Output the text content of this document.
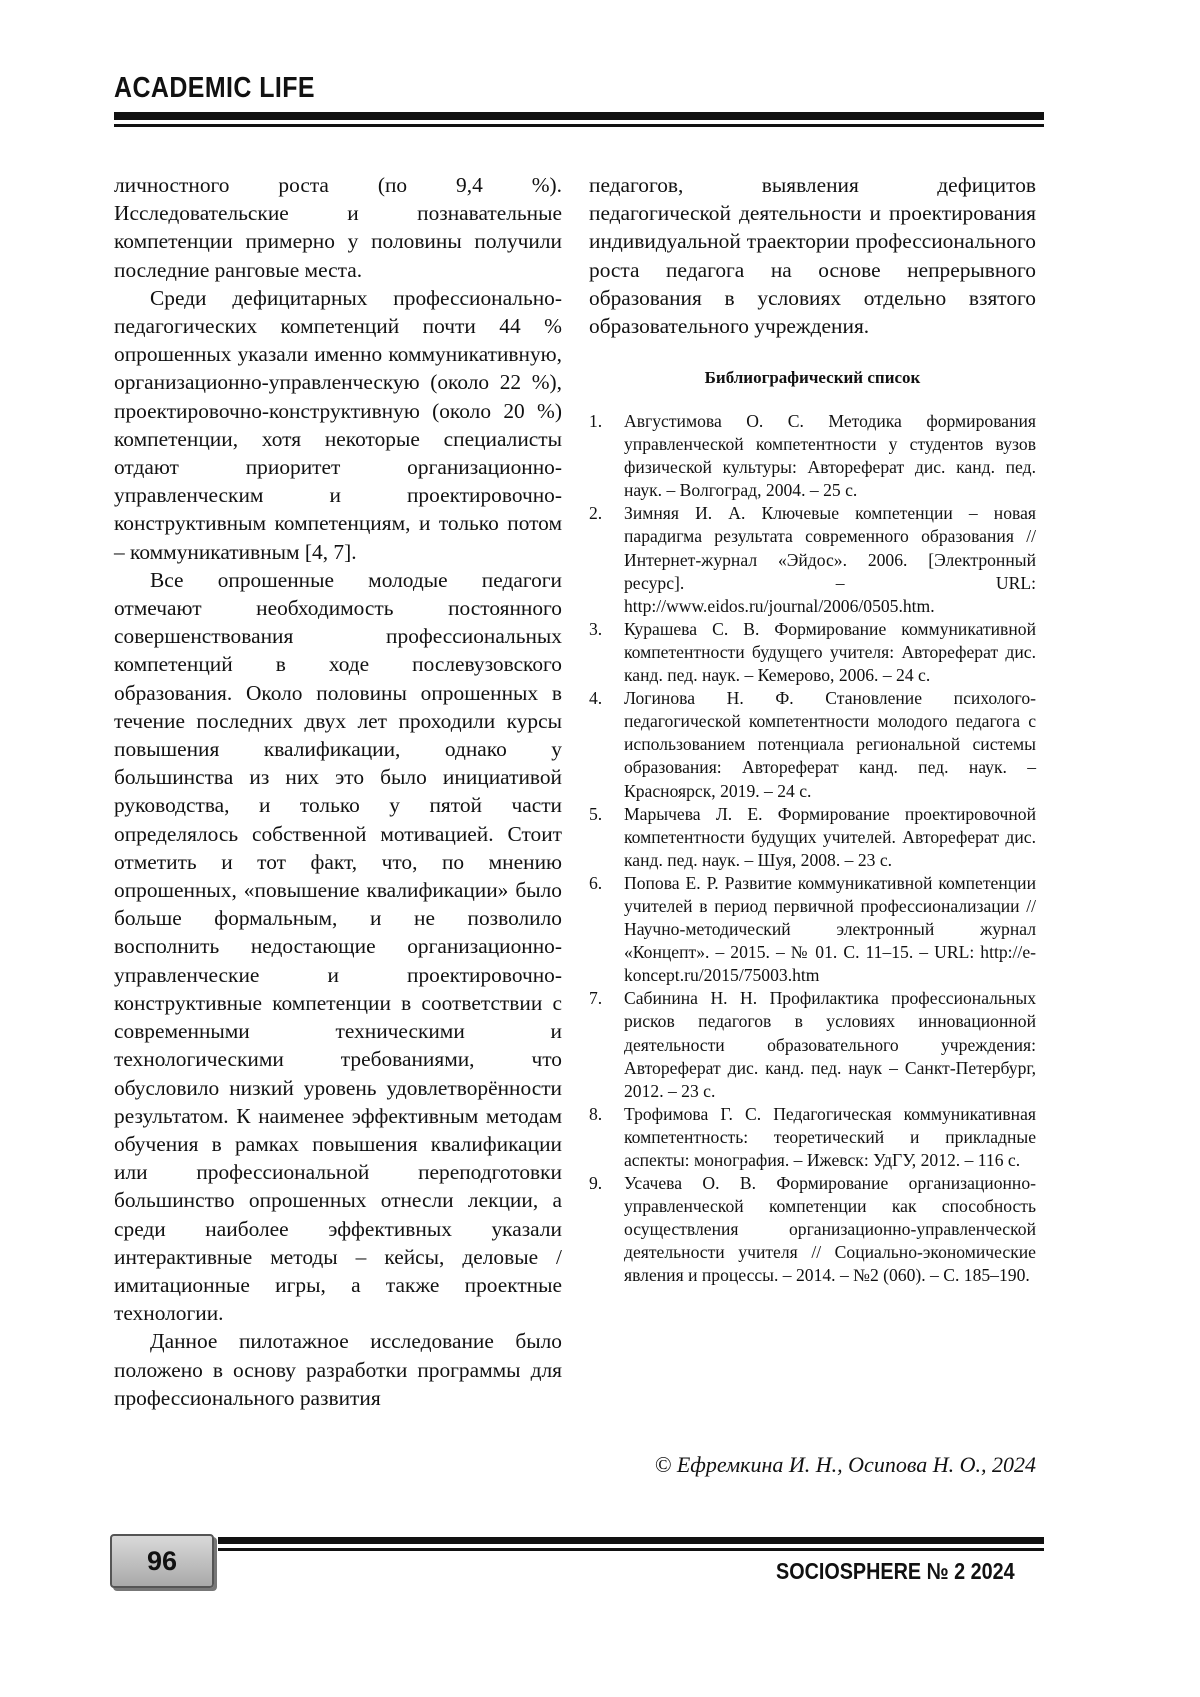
ACADEMIC LIFE

личностного роста (по 9,4 %). Исследовательские и познавательные компетенции примерно у половины получили последние ранговые места.

Среди дефицитарных профессионально-педагогических компетенций почти 44 % опрошенных указали именно коммуникативную, организационно-управленческую (около 22 %), проектировочно-конструктивную (около 20 %) компетенции, хотя некоторые специалисты отдают приоритет организационно-управленческим и проектировочно-конструктивным компетенциям, и только потом – коммуникативным [4, 7].

Все опрошенные молодые педагоги отмечают необходимость постоянного совершенствования профессиональных компетенций в ходе послевузовского образования. Около половины опрошенных в течение последних двух лет проходили курсы повышения квалификации, однако у большинства из них это было инициативой руководства, и только у пятой части определялось собственной мотивацией. Стоит отметить и тот факт, что, по мнению опрошенных, «повышение квалификации» было больше формальным, и не позволило восполнить недостающие организационно-управленческие и проектировочно-конструктивные компетенции в соответствии с современными техническими и технологическими требованиями, что обусловило низкий уровень удовлетворённости результатом. К наименее эффективным методам обучения в рамках повышения квалификации или профессиональной переподготовки большинство опрошенных отнесли лекции, а среди наиболее эффективных указали интерактивные методы – кейсы, деловые / имитационные игры, а также проектные технологии.

Данное пилотажное исследование было положено в основу разработки программы для профессионального развития

педагогов, выявления дефицитов педагогической деятельности и проектирования индивидуальной траектории профессионального роста педагога на основе непрерывного образования в условиях отдельно взятого образовательного учреждения.

Библиографический список
1. Августимова О. С. Методика формирования управленческой компетентности у студентов вузов физической культуры: Автореферат дис. канд. пед. наук. – Волгоград, 2004. – 25 с.
2. Зимняя И. А. Ключевые компетенции – новая парадигма результата современного образования // Интернет-журнал «Эйдос». 2006. [Электронный ресурс]. – URL: http://www.eidos.ru/journal/2006/0505.htm.
3. Курашева С. В. Формирование коммуникативной компетентности будущего учителя: Автореферат дис. канд. пед. наук. – Кемерово, 2006. – 24 с.
4. Логинова Н. Ф. Становление психолого-педагогической компетентности молодого педагога с использованием потенциала региональной системы образования: Автореферат канд. пед. наук. – Красноярск, 2019. – 24 с.
5. Марычева Л. Е. Формирование проектировочной компетентности будущих учителей. Автореферат дис. канд. пед. наук. – Шуя, 2008. – 23 с.
6. Попова Е. Р. Развитие коммуникативной компетенции учителей в период первичной профессионализации // Научно-методический электронный журнал «Концепт». – 2015. – № 01. С. 11–15. – URL: http://e-koncept.ru/2015/75003.htm
7. Сабинина Н. Н. Профилактика профессиональных рисков педагогов в условиях инновационной деятельности образовательного учреждения: Автореферат дис. канд. пед. наук – Санкт-Петербург, 2012. – 23 с.
8. Трофимова Г. С. Педагогическая коммуникативная компетентность: теоретический и прикладные аспекты: монография. – Ижевск: УдГУ, 2012. – 116 с.
9. Усачева О. В. Формирование организационно-управленческой компетенции как способность осуществления организационно-управленческой деятельности учителя // Социально-экономические явления и процессы. – 2014. – №2 (060). – С. 185–190.
© Ефремкина И. Н., Осипова Н. О., 2024
96	SOCIOSPHERE № 2 2024
